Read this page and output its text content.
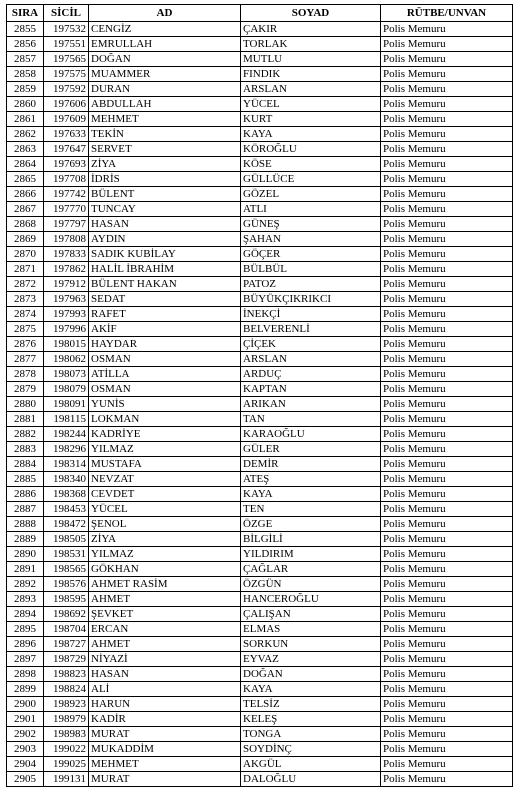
SIRA	SİCİL	AD	SOYAD	RÜTBE/UNVAN
2855	197532	CENGİZ	ÇAKIR	Polis Memuru
2856	197551	EMRULLAH	TORLAK	Polis Memuru
2857	197565	DOĞAN	MUTLU	Polis Memuru
2858	197575	MUAMMER	FINDIK	Polis Memuru
2859	197592	DURAN	ARSLAN	Polis Memuru
2860	197606	ABDULLAH	YÜCEL	Polis Memuru
2861	197609	MEHMET	KURT	Polis Memuru
2862	197633	TEKİN	KAYA	Polis Memuru
2863	197647	SERVET	KÖROĞLU	Polis Memuru
2864	197693	ZİYA	KÖSE	Polis Memuru
2865	197708	İDRİS	GÜLLÜCE	Polis Memuru
2866	197742	BÜLENT	GÖZEL	Polis Memuru
2867	197770	TUNCAY	ATLI	Polis Memuru
2868	197797	HASAN	GÜNEŞ	Polis Memuru
2869	197808	AYDIN	ŞAHAN	Polis Memuru
2870	197833	SADIK KUBİLAY	GÖÇER	Polis Memuru
2871	197862	HALİL İBRAHİM	BÜLBÜL	Polis Memuru
2872	197912	BÜLENT HAKAN	PATOZ	Polis Memuru
2873	197963	SEDAT	BÜYÜKÇIKRIKCI	Polis Memuru
2874	197993	RAFET	İNEKÇİ	Polis Memuru
2875	197996	AKİF	BELVERENLİ	Polis Memuru
2876	198015	HAYDAR	ÇİÇEK	Polis Memuru
2877	198062	OSMAN	ARSLAN	Polis Memuru
2878	198073	ATİLLA	ARDUÇ	Polis Memuru
2879	198079	OSMAN	KAPTAN	Polis Memuru
2880	198091	YUNİS	ARIKAN	Polis Memuru
2881	198115	LOKMAN	TAN	Polis Memuru
2882	198244	KADRİYE	KARAOĞLU	Polis Memuru
2883	198296	YILMAZ	GÜLER	Polis Memuru
2884	198314	MUSTAFA	DEMİR	Polis Memuru
2885	198340	NEVZAT	ATEŞ	Polis Memuru
2886	198368	CEVDET	KAYA	Polis Memuru
2887	198453	YÜCEL	TEN	Polis Memuru
2888	198472	ŞENOL	ÖZGE	Polis Memuru
2889	198505	ZİYA	BİLGİLİ	Polis Memuru
2890	198531	YILMAZ	YILDIRIM	Polis Memuru
2891	198565	GÖKHAN	ÇAĞLAR	Polis Memuru
2892	198576	AHMET RASİM	ÖZGÜN	Polis Memuru
2893	198595	AHMET	HANCEROĞLU	Polis Memuru
2894	198692	ŞEVKET	ÇALIŞAN	Polis Memuru
2895	198704	ERCAN	ELMAS	Polis Memuru
2896	198727	AHMET	SORKUN	Polis Memuru
2897	198729	NİYAZİ	EYVAZ	Polis Memuru
2898	198823	HASAN	DOĞAN	Polis Memuru
2899	198824	ALİ	KAYA	Polis Memuru
2900	198923	HARUN	TELSİZ	Polis Memuru
2901	198979	KADİR	KELEŞ	Polis Memuru
2902	198983	MURAT	TONGA	Polis Memuru
2903	199022	MUKADDİM	SOYDİNÇ	Polis Memuru
2904	199025	MEHMET	AKGÜL	Polis Memuru
2905	199131	MURAT	DALOĞLU	Polis Memuru
